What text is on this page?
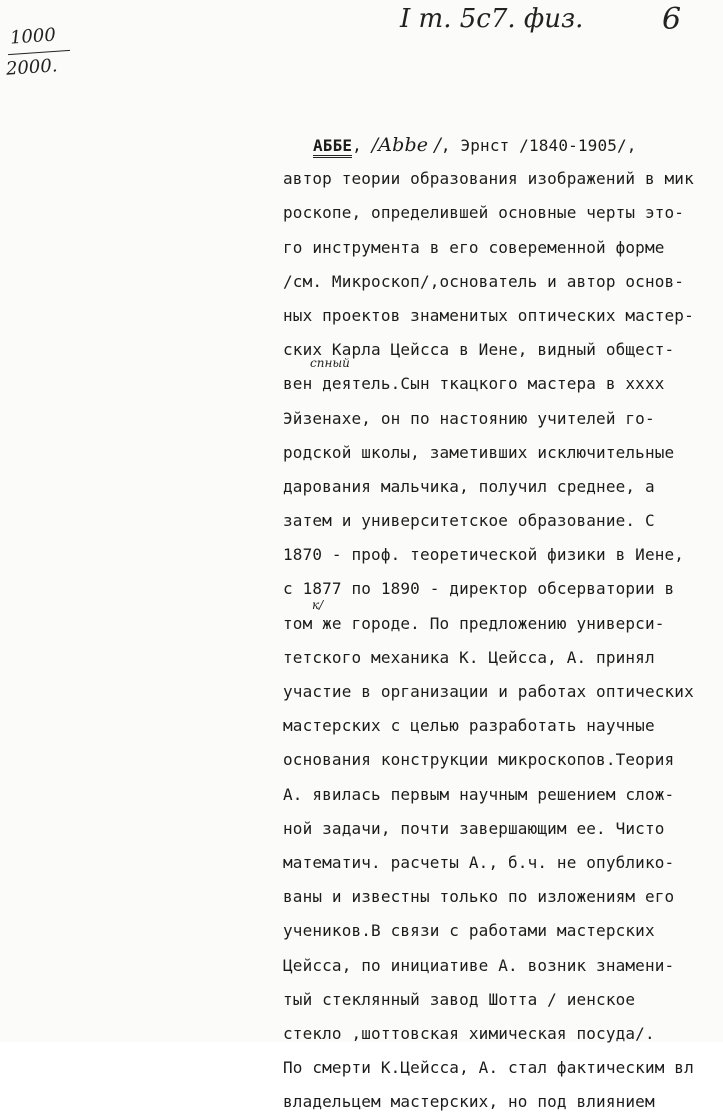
1000
2000.
I т. 5с7. физ.	6
сnный
к/
АББЕ, /Abbe /, Эрнст /1840-1905/,
автор теории образования изображений в мик
роскопе, определившей основные черты это-
го инструмента в его совеременной форме
/см. Микроскоп/,основатель и автор основ-
ных проектов знаменитых оптических мастер-
ских Карла Цейсса в Иене, видный общест-
вен деятель.Сын ткацкого мастера в хххх
Эйзенахе, он по настоянию учителей го-
родской школы, заметивших исключительные
дарования мальчика, получил среднее, а
затем и университетское образование. С
1870 - проф. теоретической физики в Иене,
с 1877 по 1890 - директор обсерватории в
том же городе. По предложению универси-
тетского механика К. Цейсса, А. принял
участие в организации и работах оптических
мастерских с целью разработать научные
основания конструкции микроскопов.Теория
А. явилась первым научным решением слож-
ной задачи, почти завершающим ее. Чисто
математич. расчеты А., б.ч. не опублико-
ваны и известны только по изложениям его
учеников.В связи с работами мастерских
Цейсса, по инициативе А. возник знамени-
тый стеклянный завод Шотта / иенское
стекло ,шоттовская химическая посуда/.
По смерти К.Цейсса, А. стал фактическим вл
владельцем мастерских, но под влиянием
